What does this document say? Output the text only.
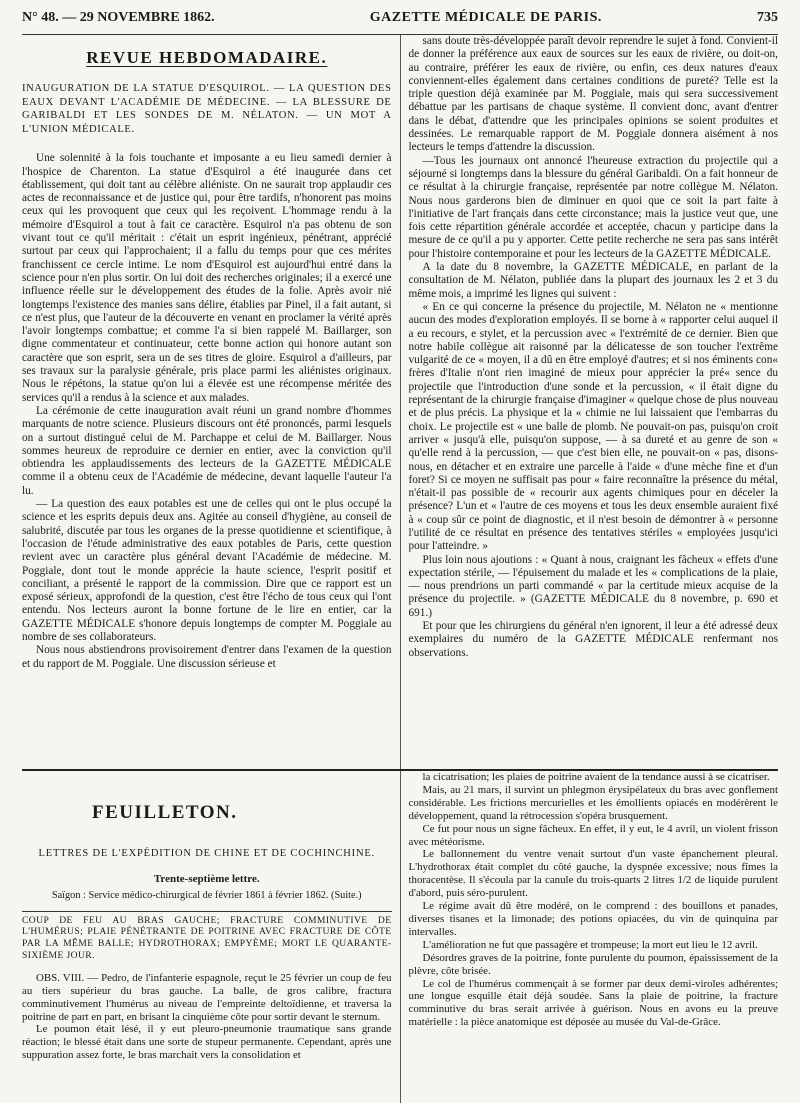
N° 48. — 29 NOVEMBRE 1862.	GAZETTE MÉDICALE DE PARIS.	735
REVUE HEBDOMADAIRE.

INAUGURATION DE LA STATUE D'ESQUIROL. — LA QUESTION DES EAUX DEVANT L'ACADÉMIE DE MÉDECINE. — LA BLESSURE DE GARIBALDI ET LES SONDES DE M. NÉLATON. — UN MOT A L'UNION MÉDICALE.

Une solennité à la fois touchante et imposante a eu lieu samedi dernier à l'hospice de Charenton. La statue d'Esquirol a été inaugurée dans cet établissement, qui doit tant au célèbre aliéniste. On ne saurait trop applaudir ces actes de reconnaissance et de justice qui, pour être tardifs, n'honorent pas moins ceux qui les provoquent que ceux qui les reçoivent. L'hommage rendu à la mémoire d'Esquirol a tout à fait ce caractère. Esquirol n'a pas obtenu de son vivant tout ce qu'il méritait : c'était un esprit ingénieux, pénétrant, apprécié surtout par ceux qui l'approchaient; il a fallu du temps pour que ces mérites franchissent ce cercle intime. Le nom d'Esquirol est aujourd'hui entré dans la science pour n'en plus sortir. On lui doit des recherches originales; il a exercé une influence réelle sur le développement des études de la folie. Après avoir nié longtemps l'existence des manies sans délire, établies par Pinel, il a fait autant, si ce n'est plus, que l'auteur de la découverte en venant en proclamer la vérité après l'avoir longtemps combattue; et comme l'a si bien rappelé M. Baillarger, son digne commentateur et continuateur, cette bonne action qui honore autant son caractère que son esprit, sera un de ses titres de gloire. Esquirol a d'ailleurs, par ses travaux sur la paralysie générale, pris place parmi les aliénistes originaux. Nous le répétons, la statue qu'on lui a élevée est une récompense méritée des services qu'il a rendus à la science et aux malades.

La cérémonie de cette inauguration avait réuni un grand nombre d'hommes marquants de notre science. Plusieurs discours ont été prononcés, parmi lesquels on a surtout distingué celui de M. Parchappe et celui de M. Baillarger. Nous sommes heureux de reproduire ce dernier en entier, avec la conviction qu'il obtiendra les applaudissements des lecteurs de la GAZETTE MÉDICALE comme il a obtenu ceux de l'Académie de médecine, devant laquelle l'auteur l'a lu.

— La question des eaux potables est une de celles qui ont le plus occupé la science et les esprits depuis deux ans. Agitée au conseil d'hygiène, au conseil de salubrité, discutée par tous les organes de la presse quotidienne et scientifique, à l'occasion de l'étude administrative des eaux potables de Paris, cette question revient avec un caractère plus général devant l'Académie de médecine. M. Poggiale, dont tout le monde apprécie la haute science, l'esprit positif et conciliant, a présenté le rapport de la commission. Dire que ce rapport est un exposé sérieux, approfondi de la question, c'est être l'écho de tous ceux qui l'ont entendu. Nos lecteurs auront la bonne fortune de le lire en entier, car la GAZETTE MÉDICALE s'honore depuis longtemps de compter M. Poggiale au nombre de ses collaborateurs.

Nous nous abstiendrons provisoirement d'entrer dans l'examen de la question et du rapport de M. Poggiale. Une discussion sérieuse et

sans doute très-développée paraît devoir reprendre le sujet à fond. Convient-il de donner la préférence aux eaux de sources sur les eaux de rivière, ou doit-on, au contraire, préférer les eaux de rivière, ou enfin, ces deux natures d'eaux conviennent-elles également dans certaines conditions de pureté? Telle est la triple question déjà examinée par M. Poggiale, mais qui sera successivement débattue par les partisans de chaque système. Il convient donc, avant d'entrer dans le débat, d'attendre que les principales opinions se soient produites et dessinées. Le remarquable rapport de M. Poggiale donnera aisément à nos lecteurs le temps d'attendre la discussion.

—Tous les journaux ont annoncé l'heureuse extraction du projectile qui a séjourné si longtemps dans la blessure du général Garibaldi. On a fait honneur de ce résultat à la chirurgie française, représentée par notre collègue M. Nélaton. Nous nous garderons bien de diminuer en quoi que ce soit la part faite à l'initiative de l'art français dans cette circonstance; mais la justice veut que, une fois cette répartition générale accordée et acceptée, chacun y participe dans la mesure de ce qu'il a pu y apporter. Cette petite recherche ne sera pas sans intérêt pour l'histoire contemporaine et pour les lecteurs de la GAZETTE MÉDICALE.

A la date du 8 novembre, la GAZETTE MÉDICALE, en parlant de la consultation de M. Nélaton, publiée dans la plupart des journaux les 2 et 3 du même mois, a imprimé les lignes qui suivent :

« En ce qui concerne la présence du projectile, M. Nélaton ne « mentionne aucun des modes d'exploration employés. Il se borne à « rapporter celui auquel il a eu recours, e stylet, et la percussion avec « l'extrémité de ce dernier. Bien que notre habile collègue ait raisonné par la délicatesse de son toucher l'extrême vulgarité de ce « moyen, il a dû en être employé d'autres; et si nos éminents con« frères d'Italie n'ont rien imaginé de mieux pour apprécier la pré« sence du projectile que l'introduction d'une sonde et la percussion, « il était digne du représentant de la chirurgie française d'imaginer « quelque chose de plus nouveau et de plus précis. La physique et la « chimie ne lui laissaient que l'embarras du choix. Le projectile est « une balle de plomb. Ne pouvait-on pas, puisqu'on croit arriver « jusqu'à elle, puisqu'on suppose, — à sa dureté et au genre de son « qu'elle rend à la percussion, — que c'est bien elle, ne pouvait-on « pas, disons-nous, en détacher et en extraire une parcelle à l'aide « d'une mèche fine et d'un foret? Si ce moyen ne suffisait pas pour « faire reconnaître la présence du métal, n'était-il pas possible de « recourir aux agents chimiques pour en déceler la présence? L'un et « l'autre de ces moyens et tous les deux ensemble auraient fixé à « coup sûr ce point de diagnostic, et il n'est besoin de démontrer à « personne l'utilité de ce résultat en présence des tentatives stériles « employées jusqu'ici pour l'atteindre. »

Plus loin nous ajoutions : « Quant à nous, craignant les fâcheux « effets d'une expectation stérile, — l'épuisement du malade et les « complications de la plaie, — nous prendrions un parti commandé « par la certitude mieux acquise de la présence du projectile. » (GAZETTE MÉDICALE du 8 novembre, p. 690 et 691.)

Et pour que les chirurgiens du général n'en ignorent, il leur a été adressé deux exemplaires du numéro de la GAZETTE MÉDICALE renfermant nos observations.

FEUILLETON.

LETTRES DE L'EXPÉDITION DE CHINE ET DE COCHINCHINE.

Trente-septième lettre.

Saïgon : Service médico-chirurgical de février 1861 à février 1862. (Suite.)

COUP DE FEU AU BRAS GAUCHE; FRACTURE COMMINUTIVE DE L'HUMÉRUS; PLAIE PÉNÉTRANTE DE POITRINE AVEC FRACTURE DE CÔTE PAR LA MÊME BALLE; HYDROTHORAX; EMPYÈME; MORT LE QUARANTE-SIXIÈME JOUR.

OBS. VIII. — Pedro, de l'infanterie espagnole, reçut le 25 février un coup de feu au tiers supérieur du bras gauche. La balle, de gros calibre, fractura comminutivement l'humérus au niveau de l'empreinte deltoïdienne, et traversa la poitrine de part en part, en brisant la cinquième côte pour sortir devant le sternum.

Le poumon était lésé, il y eut pleuro-pneumonie traumatique sans grande réaction; le blessé était dans une sorte de stupeur permanente. Cependant, après une suppuration assez forte, le bras marchait vers la consolidation et

la cicatrisation; les plaies de poitrine avaient de la tendance aussi à se cicatriser.

Mais, au 21 mars, il survint un phlegmon érysipélateux du bras avec gonflement considérable. Les frictions mercurielles et les émollients opiacés en modérèrent le développement, quand la rétrocession s'opéra brusquement.

Ce fut pour nous un signe fâcheux. En effet, il y eut, le 4 avril, un violent frisson avec météorisme.

Le ballonnement du ventre venait surtout d'un vaste épanchement pleural. L'hydrothorax était complet du côté gauche, la dyspnée excessive; nous fîmes la thoracentèse. Il s'écoula par la canule du trois-quarts 2 litres 1/2 de liquide purulent d'abord, puis séro-purulent.

Le régime avait dû être modéré, on le comprend : des bouillons et panades, diverses tisanes et la limonade; des potions opiacées, du vin de quinquina par intervalles.

L'amélioration ne fut que passagère et trompeuse; la mort eut lieu le 12 avril.

Désordres graves de la poitrine, fonte purulente du poumon, épaississement de la plèvre, côte brisée.

Le col de l'humérus commençait à se former par deux demi-viroles adhérentes; une longue esquille était déjà soudée. Sans la plaie de poitrine, la fracture comminutive du bras serait arrivée à guérison. Nous en avons eu la preuve matérielle : la pièce anatomique est déposée au musée du Val-de-Grâce.
